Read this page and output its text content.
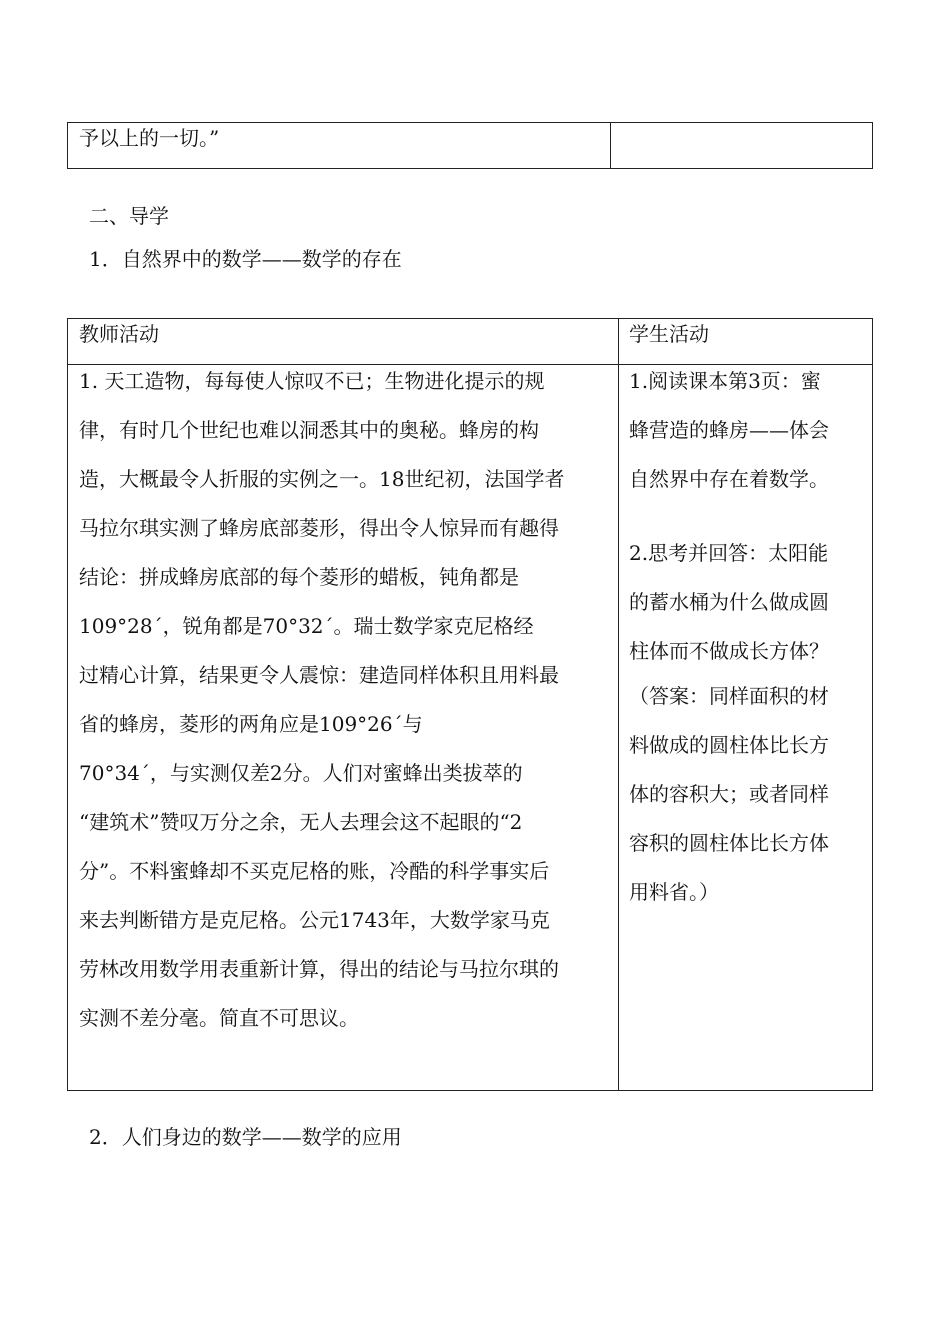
予以上的一切。”
二、导学
1．自然界中的数学——数学的存在
教师活动	学生活动
1. 天工造物，每每使人惊叹不已；生物进化提示的规
律，有时几个世纪也难以洞悉其中的奥秘。蜂房的构
造，大概最令人折服的实例之一。18世纪初，法国学者
马拉尔琪实测了蜂房底部菱形，得出令人惊异而有趣得
结论：拼成蜂房底部的每个菱形的蜡板，钝角都是
109°28´，锐角都是70°32´。瑞士数学家克尼格经
过精心计算，结果更令人震惊：建造同样体积且用料最
省的蜂房，菱形的两角应是109°26´与
70°34´，与实测仅差2分。人们对蜜蜂出类拔萃的
“建筑术”赞叹万分之余，无人去理会这不起眼的“2
分”。不料蜜蜂却不买克尼格的账，冷酷的科学事实后
来去判断错方是克尼格。公元1743年，大数学家马克
劳林改用数学用表重新计算，得出的结论与马拉尔琪的
实测不差分毫。简直不可思议。
1.阅读课本第3页：蜜
蜂营造的蜂房——体会
自然界中存在着数学。
2.思考并回答：太阳能
的蓄水桶为什么做成圆
柱体而不做成长方体？
（答案：同样面积的材
料做成的圆柱体比长方
体的容积大；或者同样
容积的圆柱体比长方体
用料省。）
2．人们身边的数学——数学的应用
